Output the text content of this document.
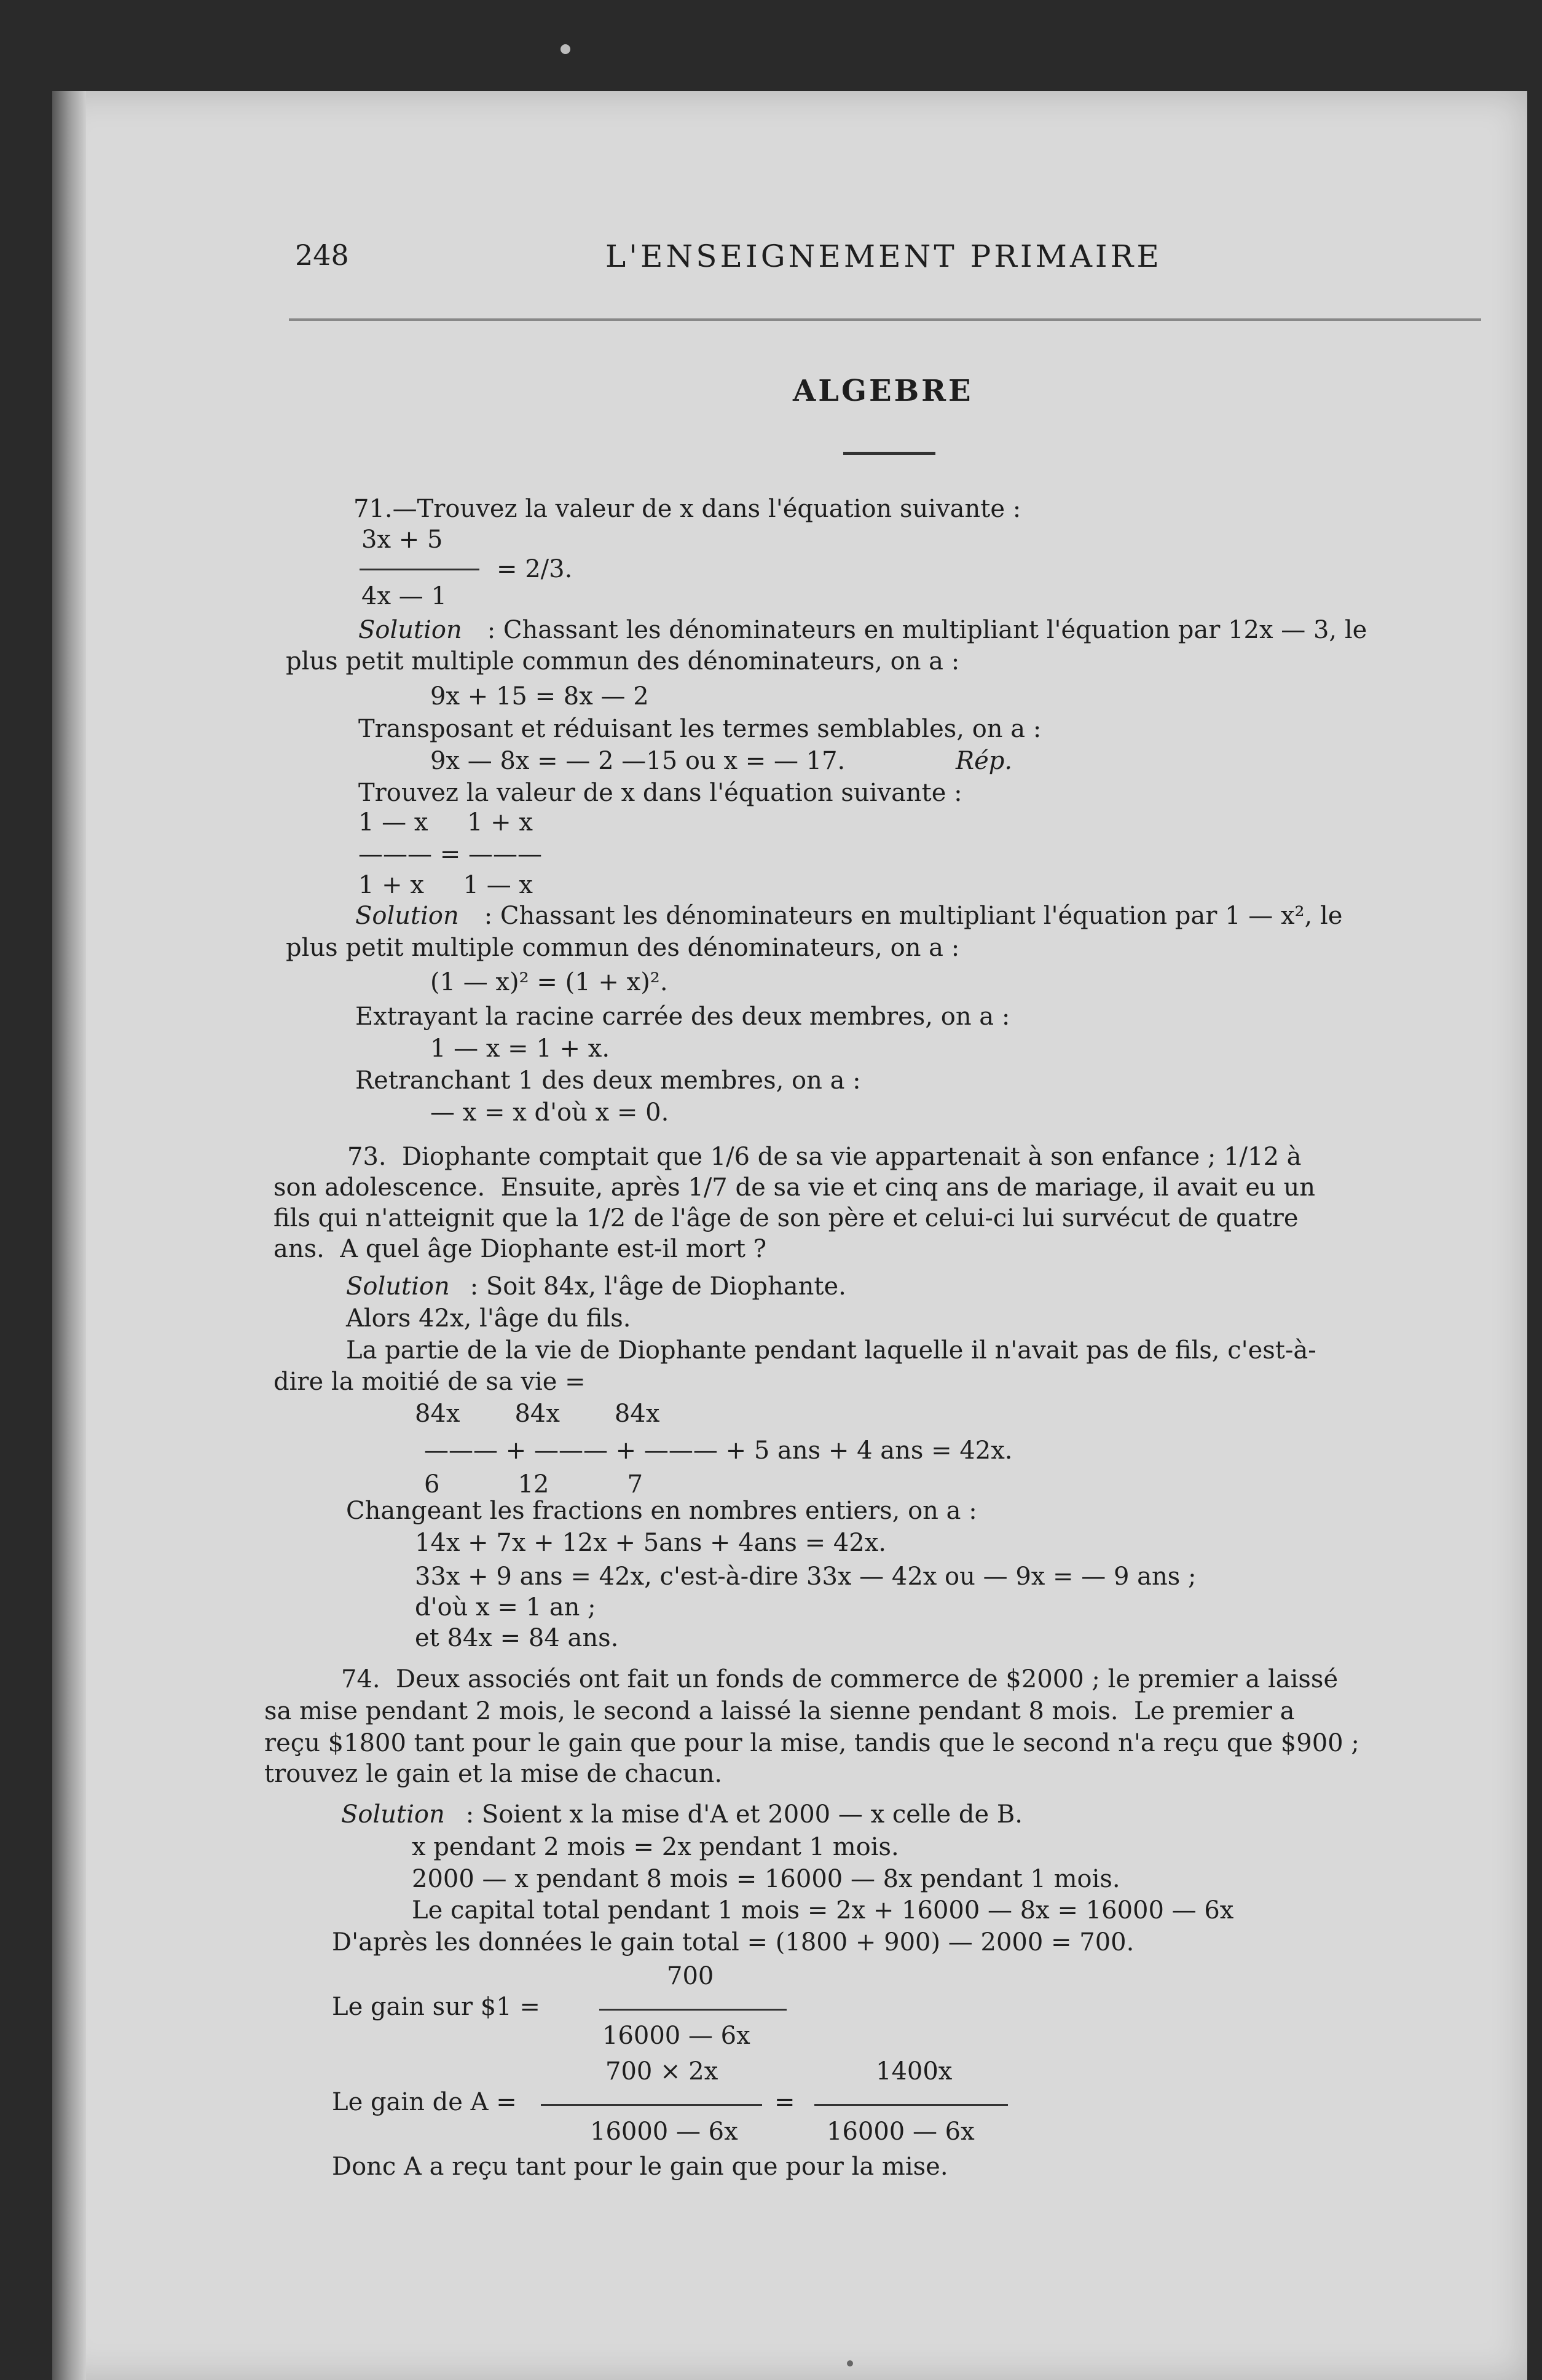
248	L'ENSEIGNEMENT PRIMAIRE
ALGEBRE
71.—Trouvez la valeur de x dans l'équation suivante :
3x + 5
= 2/3.
4x — 1
Solution : Chassant les dénominateurs en multipliant l'équation par 12x — 3, le
plus petit multiple commun des dénominateurs, on a :
9x + 15 = 8x — 2
Transposant et réduisant les termes semblables, on a :
9x — 8x = — 2 —15 ou x = — 17.	Rép.
Trouvez la valeur de x dans l'équation suivante :
1 — x     1 + x
——— = ———
1 + x     1 — x
Solution : Chassant les dénominateurs en multipliant l'équation par 1 — x², le
plus petit multiple commun des dénominateurs, on a :
(1 — x)² = (1 + x)².
Extrayant la racine carrée des deux membres, on a :
1 — x = 1 + x.
Retranchant 1 des deux membres, on a :
— x = x d'où x = 0.
73.  Diophante comptait que 1/6 de sa vie appartenait à son enfance ; 1/12 à
son adolescence.  Ensuite, après 1/7 de sa vie et cinq ans de mariage, il avait eu un
fils qui n'atteignit que la 1/2 de l'âge de son père et celui-ci lui survécut de quatre
ans.  A quel âge Diophante est-il mort ?
Solution : Soit 84x, l'âge de Diophante.
Alors 42x, l'âge du fils.
La partie de la vie de Diophante pendant laquelle il n'avait pas de fils, c'est-à-
dire la moitié de sa vie =
84x       84x       84x
——— + ——— + ——— + 5 ans + 4 ans = 42x.
6          12          7
Changeant les fractions en nombres entiers, on a :
14x + 7x + 12x + 5ans + 4ans = 42x.
33x + 9 ans = 42x, c'est-à-dire 33x — 42x ou — 9x = — 9 ans ;
d'où x = 1 an ;
et 84x = 84 ans.
74.  Deux associés ont fait un fonds de commerce de $2000 ; le premier a laissé
sa mise pendant 2 mois, le second a laissé la sienne pendant 8 mois.  Le premier a
reçu $1800 tant pour le gain que pour la mise, tandis que le second n'a reçu que $900 ;
trouvez le gain et la mise de chacun.
Solution : Soient x la mise d'A et 2000 — x celle de B.
x pendant 2 mois = 2x pendant 1 mois.
2000 — x pendant 8 mois = 16000 — 8x pendant 1 mois.
Le capital total pendant 1 mois = 2x + 16000 — 8x = 16000 — 6x
D'après les données le gain total = (1800 + 900) — 2000 = 700.
700
Le gain sur $1 =
16000 — 6x
700 × 2x	1400x
Le gain de A =	=
16000 — 6x	16000 — 6x
Donc A a reçu tant pour le gain que pour la mise.
